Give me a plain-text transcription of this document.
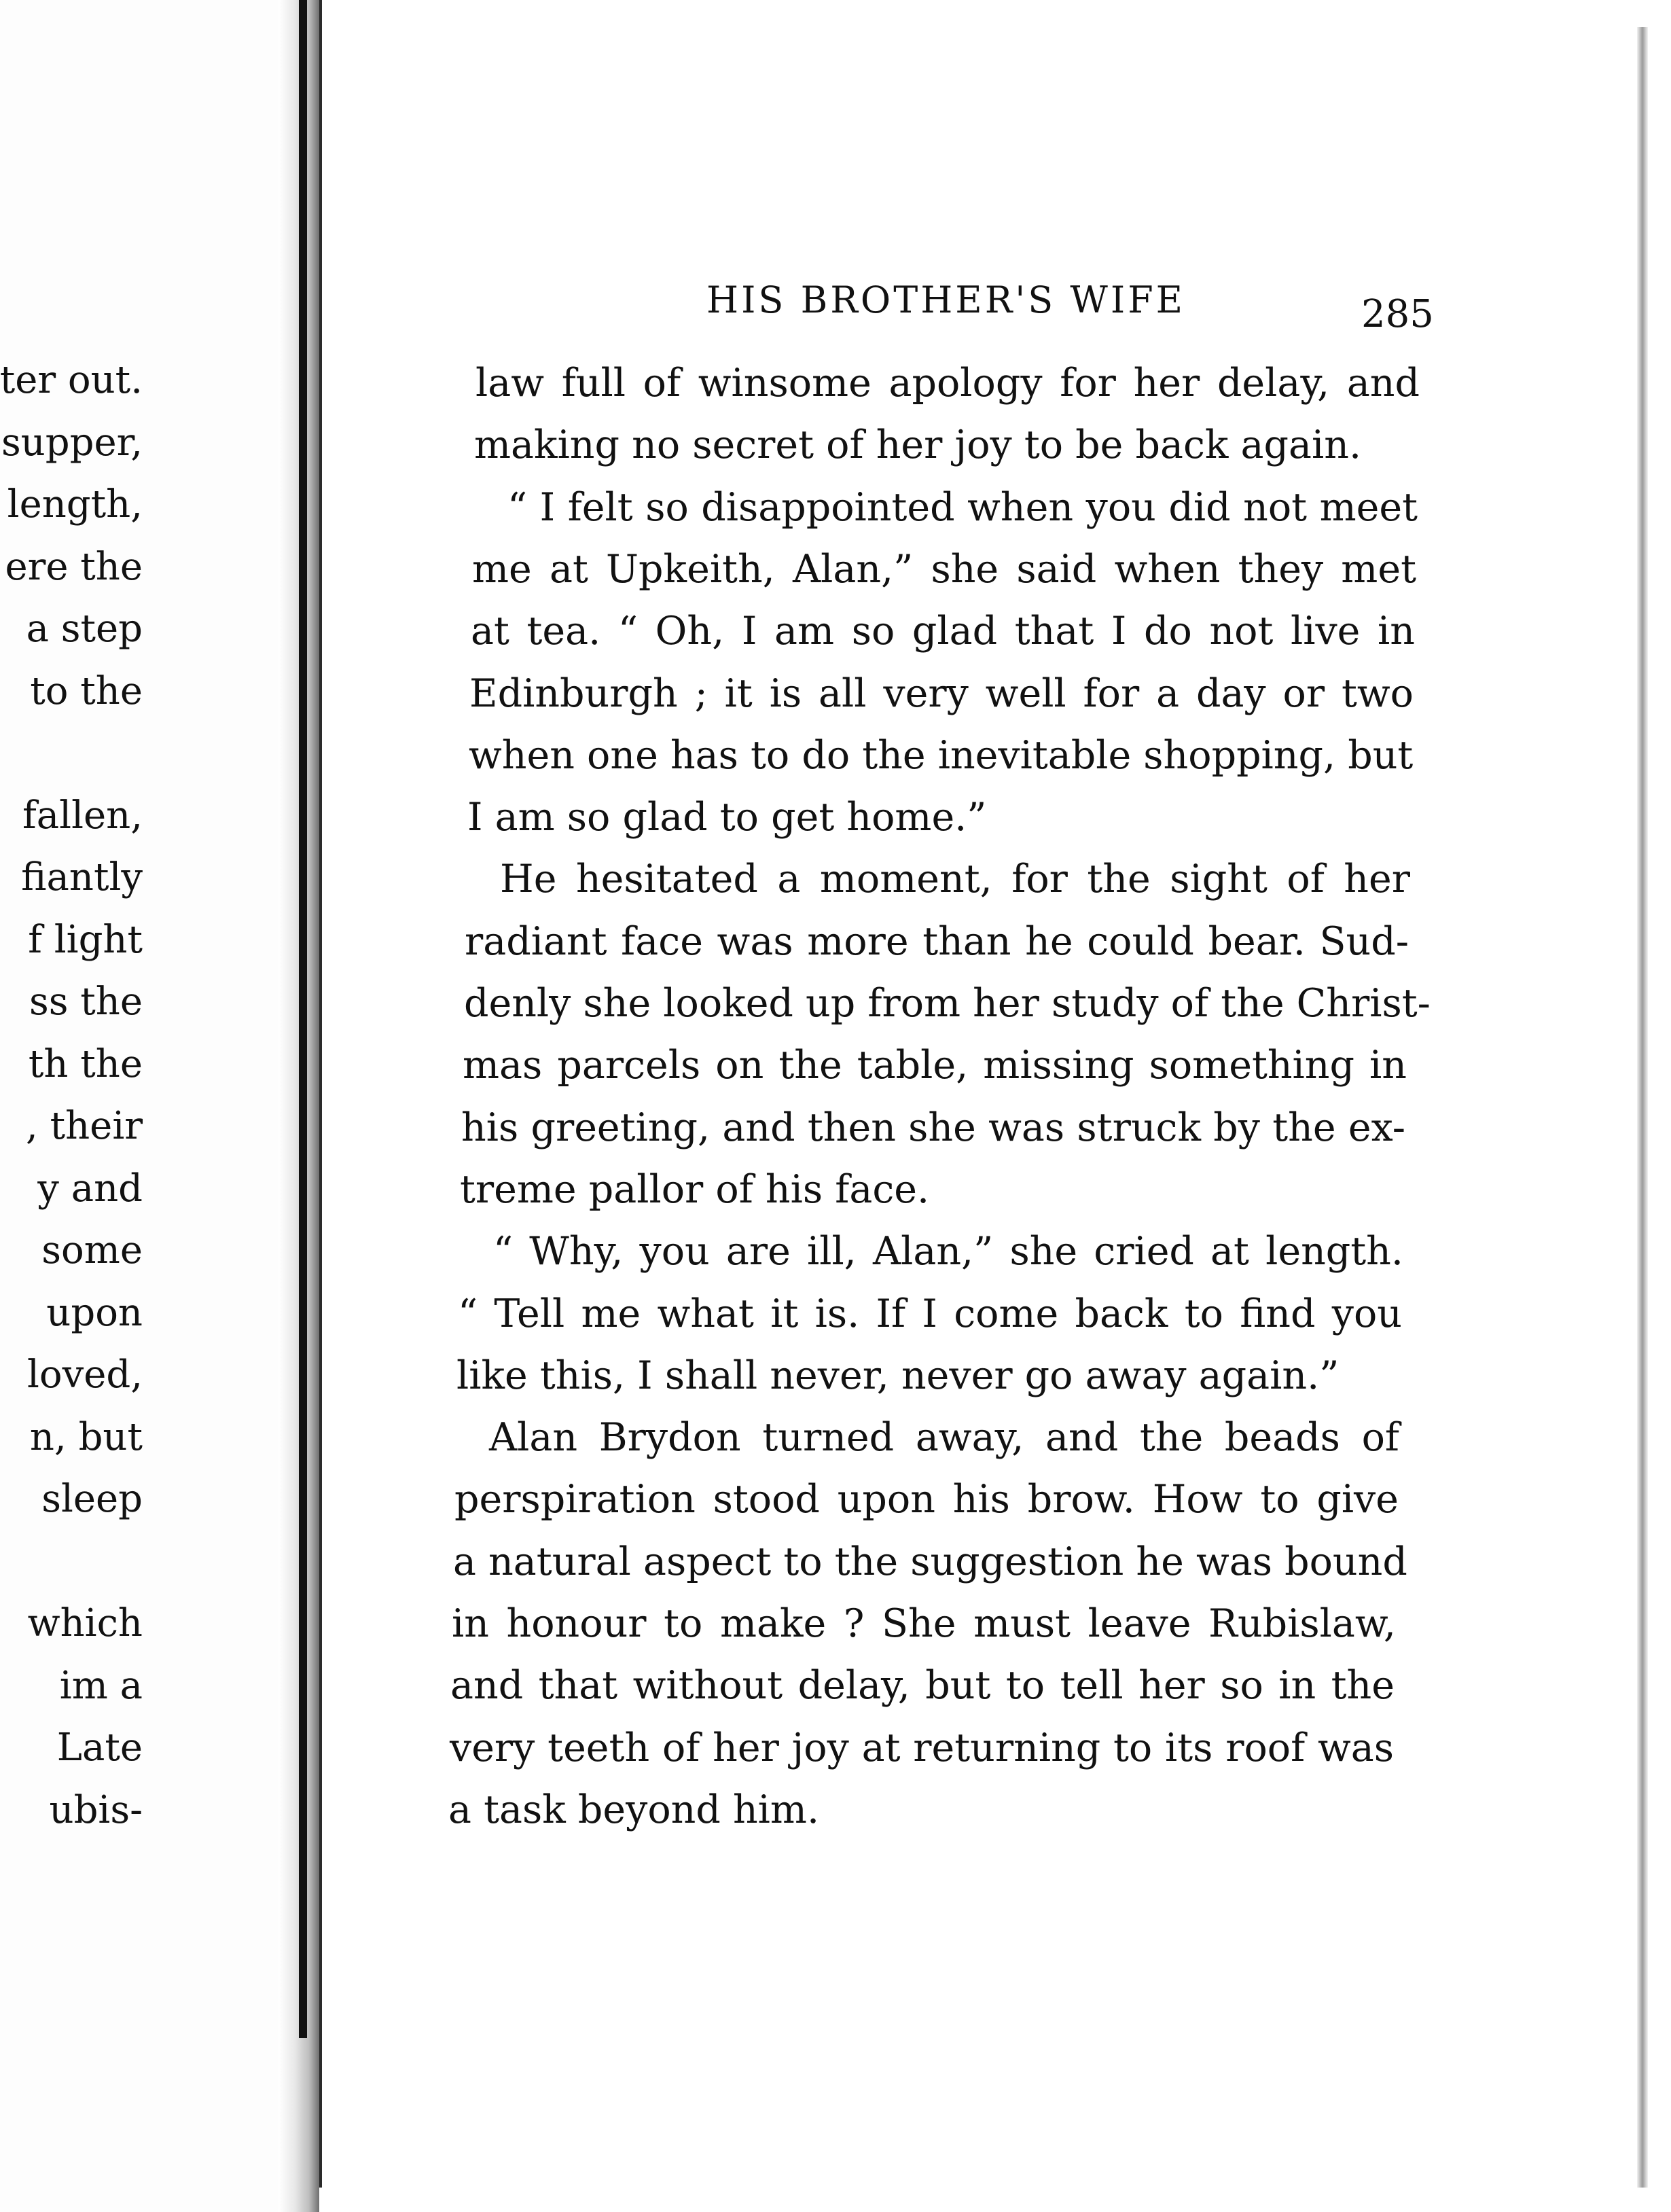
HIS BROTHER'S WIFE	285
ter out.
supper,
length,
ere the
a step
to the
fallen,
fiantly
f light
ss the
th the
, their
y and
some
upon
loved,
n, but
sleep
which
im a
Late
ubis-
law full of winsome apology for her delay, and
making no secret of her joy to be back again.
“ I felt so disappointed when you did not meet
me at Upkeith, Alan,” she said when they met
at tea. “ Oh, I am so glad that I do not live in
Edinburgh ; it is all very well for a day or two
when one has to do the inevitable shopping, but
I am so glad to get home.”
He hesitated a moment, for the sight of her
radiant face was more than he could bear. Sud-
denly she looked up from her study of the Christ-
mas parcels on the table, missing something in
his greeting, and then she was struck by the ex-
treme pallor of his face.
“ Why, you are ill, Alan,” she cried at length.
“ Tell me what it is. If I come back to find you
like this, I shall never, never go away again.”
Alan Brydon turned away, and the beads of
perspiration stood upon his brow. How to give
a natural aspect to the suggestion he was bound
in honour to make ? She must leave Rubislaw,
and that without delay, but to tell her so in the
very teeth of her joy at returning to its roof was
a task beyond him.
